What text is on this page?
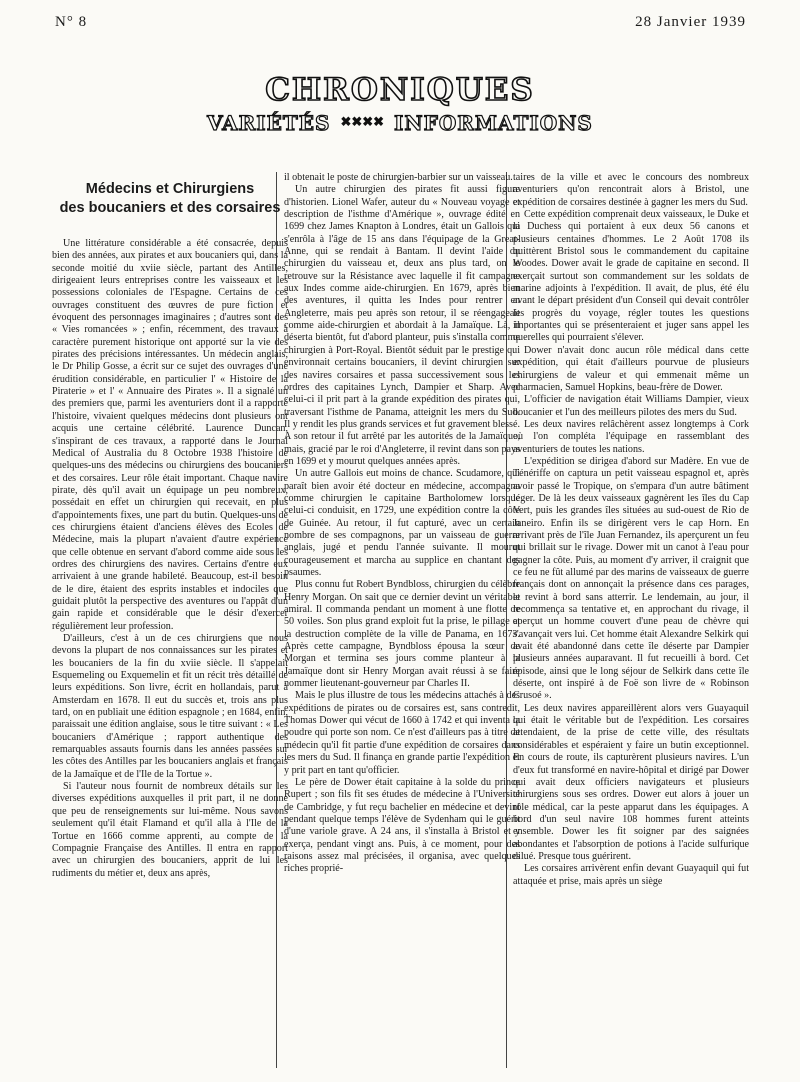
N° 8	28 Janvier 1939
CHRONIQUES
VARIÉTÉS ✖✖✖✖ INFORMATIONS
Médecins et Chirurgiens
des boucaniers et des corsaires

Une littérature considérable a été consacrée, depuis bien des années, aux pirates et aux boucaniers qui, dans la seconde moitié du xviie siècle, partant des Antilles, dirigeaient leurs entreprises contre les vaisseaux et les possessions coloniales de l'Espagne. Certains de ces ouvrages constituent des œuvres de pure fiction et évoquent des personnages imaginaires ; d'autres sont des « Vies romancées » ; enfin, récemment, des travaux à caractère purement historique ont apporté sur la vie des pirates des précisions intéressantes. Un médecin anglais, le Dr Philip Gosse, a écrit sur ce sujet des ouvrages d'une érudition considérable, en particulier l' « Histoire de la Piraterie » et l' « Annuaire des Pirates ». Il a signalé un des premiers que, parmi les aventuriers dont il a rapporté l'histoire, vivaient quelques médecins dont plusieurs ont acquis une certaine célébrité. Laurence Duncan, s'inspirant de ces travaux, a rapporté dans le Journal Medical of Australia du 8 Octobre 1938 l'histoire de quelques-uns des médecins ou chirurgiens des boucaniers et des corsaires. Leur rôle était important. Chaque navire pirate, dès qu'il avait un équipage un peu nombreux, possédait en effet un chirurgien qui recevait, en plus d'appointements fixes, une part du butin. Quelques-uns de ces chirurgiens étaient d'anciens élèves des Ecoles de Médecine, mais la plupart n'avaient d'autre expérience que celle obtenue en servant d'abord comme aide sous les ordres des chirurgiens des navires. Certains d'entre eux arrivaient à une grande habileté. Beaucoup, est-il besoin de le dire, étaient des esprits instables et indociles que guidait plutôt la perspective des aventures ou l'appât d'un gain rapide et considérable que le désir d'exercer régulièrement leur profession.

D'ailleurs, c'est à un de ces chirurgiens que nous devons la plupart de nos connaissances sur les pirates et les boucaniers de la fin du xviie siècle. Il s'appelait Esquemeling ou Exquemelin et fit un récit très détaillé de leurs expéditions. Son livre, écrit en hollandais, parut à Amsterdam en 1678. Il eut du succès et, trois ans plus tard, on en publiait une édition espagnole ; en 1684, enfin, paraissait une édition anglaise, sous le titre suivant : « Les boucaniers d'Amérique ; rapport authentique des remarquables assauts fournis dans les années passées sur les côtes des Antilles par les boucaniers anglais et français de la Jamaïque et de l'Ile de la Tortue ».

Si l'auteur nous fournit de nombreux détails sur les diverses expéditions auxquelles il prit part, il ne donne que peu de renseignements sur lui-même. Nous savons seulement qu'il était Flamand et qu'il alla à l'Ile de la Tortue en 1666 comme apprenti, au compte de la Compagnie Française des Antilles. Il entra en rapport avec un chirurgien des boucaniers, apprit de lui les rudiments du métier et, deux ans après,

il obtenait le poste de chirurgien-barbier sur un vaisseau.

Un autre chirurgien des pirates fit aussi figure d'historien. Lionel Wafer, auteur du « Nouveau voyage et description de l'isthme d'Amérique », ouvrage édité en 1699 chez James Knapton à Londres, était un Gallois qui s'enrôla à l'âge de 15 ans dans l'équipage de la Great-Anne, qui se rendait à Bantam. Il devint l'aide du chirurgien du vaisseau et, deux ans plus tard, on le retrouve sur la Résistance avec laquelle il fit campagne aux Indes comme aide-chirurgien. En 1679, après bien des aventures, il quitta les Indes pour rentrer en Angleterre, mais peu après son retour, il se réengageait comme aide-chirurgien et abordait à la Jamaïque. Là, il déserta bientôt, fut d'abord planteur, puis s'installa comme chirurgien à Port-Royal. Bientôt séduit par le prestige qui environnait certains boucaniers, il devint chirurgien sur des navires corsaires et passa successivement sous les ordres des capitaines Lynch, Dampier et Sharp. Avec celui-ci il prit part à la grande expédition des pirates qui, traversant l'isthme de Panama, atteignit les mers du Sud. Il y rendit les plus grands services et fut gravement blessé. A son retour il fut arrêté par les autorités de la Jamaïque, mais, gracié par le roi d'Angleterre, il revint dans son pays en 1699 et y mourut quelques années après.

Un autre Gallois eut moins de chance. Scudamore, qui paraît bien avoir été docteur en médecine, accompagna comme chirurgien le capitaine Bartholomew lorsque celui-ci conduisit, en 1729, une expédition contre la côte de Guinée. Au retour, il fut capturé, avec un certain nombre de ses compagnons, par un vaisseau de guerre anglais, jugé et pendu l'année suivante. Il mourut courageusement et marcha au supplice en chantant des psaumes.

Plus connu fut Robert Byndbloss, chirurgien du célèbre Henry Morgan. On sait que ce dernier devint un véritable amiral. Il commanda pendant un moment à une flotte de 50 voiles. Son plus grand exploit fut la prise, le pillage et la destruction complète de la ville de Panama, en 1673. Après cette campagne, Byndbloss épousa la sœur de Morgan et termina ses jours comme planteur à la Jamaïque dont sir Henry Morgan avait réussi à se faire nommer lieutenant-gouverneur par Charles II.

Mais le plus illustre de tous les médecins attachés à des expéditions de pirates ou de corsaires est, sans contredit, Thomas Dower qui vécut de 1660 à 1742 et qui inventa la poudre qui porte son nom. Ce n'est d'ailleurs pas à titre de médecin qu'il fit partie d'une expédition de corsaires dans les mers du Sud. Il finança en grande partie l'expédition et y prit part en tant qu'officier.

Le père de Dower était capitaine à la solde du prince Rupert ; son fils fit ses études de médecine à l'Université de Cambridge, y fut reçu bachelier en médecine et devint pendant quelque temps l'élève de Sydenham qui le guérit d'une variole grave. A 24 ans, il s'installa à Bristol et y exerça, pendant vingt ans. Puis, à ce moment, pour des raisons assez mal précisées, il organisa, avec quelques riches proprié-

taires de la ville et avec le concours des nombreux aventuriers qu'on rencontrait alors à Bristol, une expédition de corsaires destinée à gagner les mers du Sud.

Cette expédition comprenait deux vaisseaux, le Duke et la Duchess qui portaient à eux deux 56 canons et plusieurs centaines d'hommes. Le 2 Août 1708 ils quittèrent Bristol sous le commandement du capitaine Woodes. Dower avait le grade de capitaine en second. Il exerçait surtout son commandement sur les soldats de marine adjoints à l'expédition. Il avait, de plus, été élu avant le départ président d'un Conseil qui devait contrôler les progrès du voyage, régler toutes les questions importantes qui se présenteraient et juger sans appel les querelles qui pourraient s'élever.

Dower n'avait donc aucun rôle médical dans cette expédition, qui était d'ailleurs pourvue de plusieurs chirurgiens de valeur et qui emmenait même un pharmacien, Samuel Hopkins, beau-frère de Dower.

L'officier de navigation était Williams Dampier, vieux boucanier et l'un des meilleurs pilotes des mers du Sud.

Les deux navires relâchèrent assez longtemps à Cork où l'on compléta l'équipage en rassemblant des aventuriers de toutes les nations.

L'expédition se dirigea d'abord sur Madère. En vue de Ténériffe on captura un petit vaisseau espagnol et, après avoir passé le Tropique, on s'empara d'un autre bâtiment léger. De là les deux vaisseaux gagnèrent les îles du Cap Vert, puis les grandes îles situées au sud-ouest de Rio de Janeiro. Enfin ils se dirigèrent vers le cap Horn. En arrivant près de l'île Juan Fernandez, ils aperçurent un feu qui brillait sur le rivage. Dower mit un canot à l'eau pour gagner la côte. Puis, au moment d'y arriver, il craignit que ce feu ne fût allumé par des marins de vaisseaux de guerre français dont on annonçait la présence dans ces parages, et revint à bord sans atterrir. Le lendemain, au jour, il recommença sa tentative et, en approchant du rivage, il aperçut un homme couvert d'une peau de chèvre qui s'avançait vers lui. Cet homme était Alexandre Selkirk qui avait été abandonné dans cette île déserte par Dampier plusieurs années auparavant. Il fut recueilli à bord. Cet épisode, ainsi que le long séjour de Selkirk dans cette île déserte, ont inspiré à de Foë son livre de « Robinson Crusoé ».

Les deux navires appareillèrent alors vers Guayaquil qui était le véritable but de l'expédition. Les corsaires attendaient, de la prise de cette ville, des résultats considérables et espéraient y faire un butin exceptionnel. En cours de route, ils capturèrent plusieurs navires. L'un d'eux fut transformé en navire-hôpital et dirigé par Dower qui avait deux officiers navigateurs et plusieurs chirurgiens sous ses ordres. Dower eut alors à jouer un rôle médical, car la peste apparut dans les équipages. A bord d'un seul navire 108 hommes furent atteints ensemble. Dower les fit soigner par des saignées abondantes et l'absorption de potions à l'acide sulfurique dilué. Presque tous guérirent.

Les corsaires arrivèrent enfin devant Guayaquil qui fut attaquée et prise, mais après un siège
